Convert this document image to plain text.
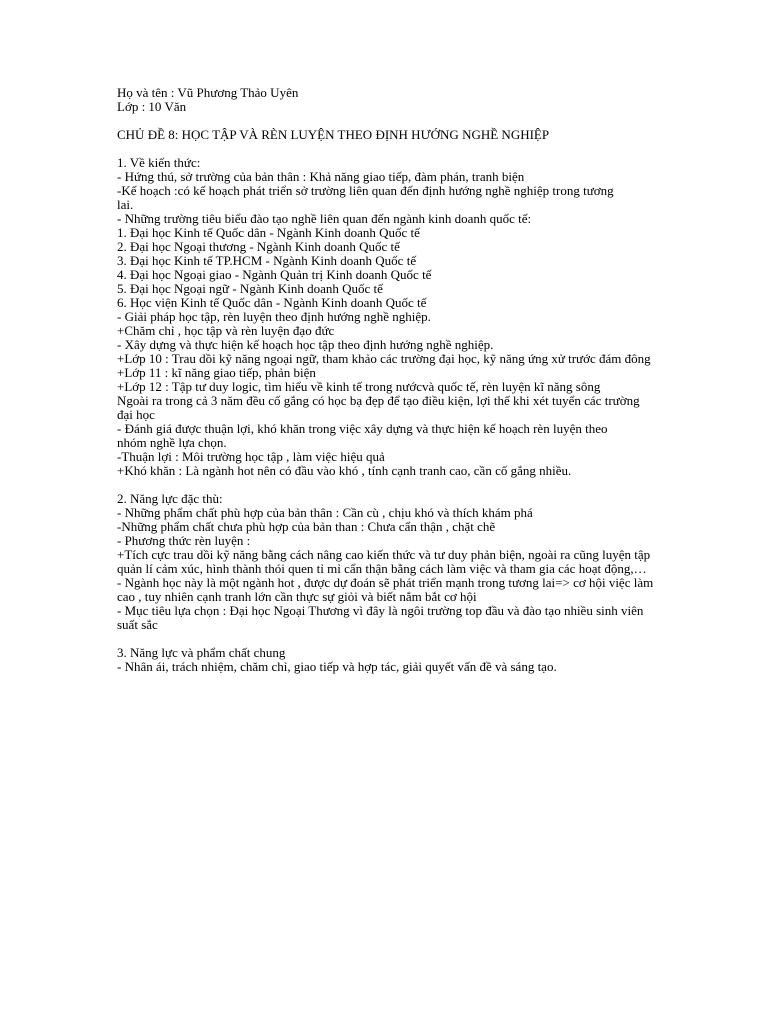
Họ và tên : Vũ Phương Thảo Uyên

Lớp : 10 Văn

CHỦ ĐỀ 8: HỌC TẬP VÀ RÈN LUYỆN THEO ĐỊNH HƯỚNG NGHỀ NGHIỆP

1. Về kiến thức:

- Hứng thú, sở trường của bản thân : Khả năng giao tiếp, đàm phán, tranh biện

-Kế hoạch :có kế hoạch phát triển sở trường liên quan đến định hướng nghề nghiệp trong tương

lai.

- Những trường tiêu biểu đào tạo nghề liên quan đến ngành kinh doanh quốc tế:

1. Đại học Kinh tế Quốc dân - Ngành Kinh doanh Quốc tế

2. Đại học Ngoại thương - Ngành Kinh doanh Quốc tế

3. Đại học Kinh tế TP.HCM - Ngành Kinh doanh Quốc tế

4. Đại học Ngoại giao - Ngành Quản trị Kinh doanh Quốc tế

5. Đại học Ngoại ngữ - Ngành Kinh doanh Quốc tế

6. Học viện Kinh tế Quốc dân - Ngành Kinh doanh Quốc tế

- Giải pháp học tập, rèn luyện theo định hướng nghề nghiệp.

+Chăm chỉ , học tập và rèn luyện đạo đức

- Xây dựng và thực hiện kế hoạch học tập theo định hướng nghề nghiệp.

+Lớp 10 : Trau dồi kỹ năng ngoại ngữ, tham khảo các trường đại học, kỹ năng ứng xử trước đám đông

+Lớp 11 : kĩ năng giao tiếp, phản biện

+Lớp 12 : Tập tư duy logic, tìm hiểu về kinh tế trong nướcvà quốc tế, rèn luyện kĩ năng sông

Ngoài ra trong cả 3 năm đều cố gắng có học bạ đẹp để tạo điều kiện, lợi thế khi xét tuyển các trường

đại học

- Đánh giá được thuận lợi, khó khăn trong việc xây dựng và thực hiện kế hoạch rèn luyện theo

nhóm nghề lựa chọn.

-Thuận lợi : Môi trường học tập , làm việc hiệu quả

+Khó khăn : Là ngành hot nên có đầu vào khó , tính cạnh tranh cao, cần cố gắng nhiều.

2. Năng lực đặc thù:

- Những phẩm chất phù hợp của bản thân : Cần cù , chịu khó và thích khám phá

-Những phẩm chất chưa phù hợp của bản than : Chưa cẩn thận , chặt chẽ

- Phương thức rèn luyện :

+Tích cực trau dồi kỹ năng bằng cách nâng cao kiến thức và tư duy phản biện, ngoài ra cũng luyện tập

quản lí cảm xúc, hình thành thói quen tỉ mỉ cẩn thận bằng cách làm việc và tham gia các hoạt động,…

- Ngành học này là một ngành hot , được dự đoán sẽ phát triển mạnh trong tương lai=> cơ hội việc làm

cao , tuy nhiên cạnh tranh lớn cần thực sự giỏi và biết nắm bắt cơ hội

- Mục tiêu lựa chọn : Đại học Ngoại Thương vì đây là ngôi trường top đầu và đào tạo nhiều sinh viên

suất sắc

3. Năng lực và phẩm chất chung

- Nhân ái, trách nhiệm, chăm chỉ, giao tiếp và hợp tác, giải quyết vấn đề và sáng tạo.
